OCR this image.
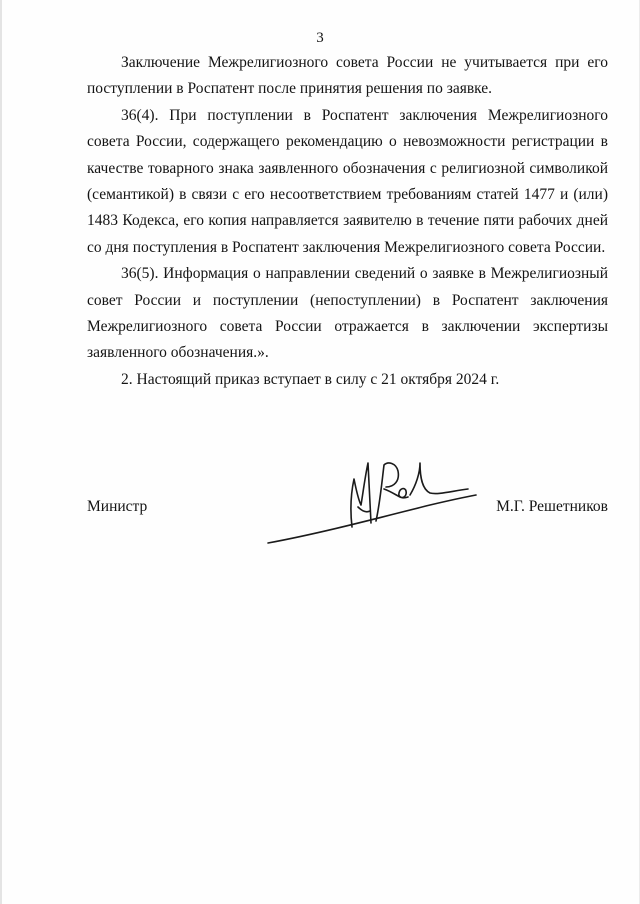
3

Заключение Межрелигиозного совета России не учитывается при его поступлении в Роспатент после принятия решения по заявке.

36(4). При поступлении в Роспатент заключения Межрелигиозного совета России, содержащего рекомендацию о невозможности регистрации в качестве товарного знака заявленного обозначения с религиозной символикой (семантикой) в связи с его несоответствием требованиям статей 1477 и (или) 1483 Кодекса, его копия направляется заявителю в течение пяти рабочих дней со дня поступления в Роспатент заключения Межрелигиозного совета России.

36(5). Информация о направлении сведений о заявке в Межрелигиозный совет России и поступлении (непоступлении) в Роспатент заключения Межрелигиозного совета России отражается в заключении экспертизы заявленного обозначения.».

2. Настоящий приказ вступает в силу с 21 октября 2024 г.

Министр	М.Г. Решетников
